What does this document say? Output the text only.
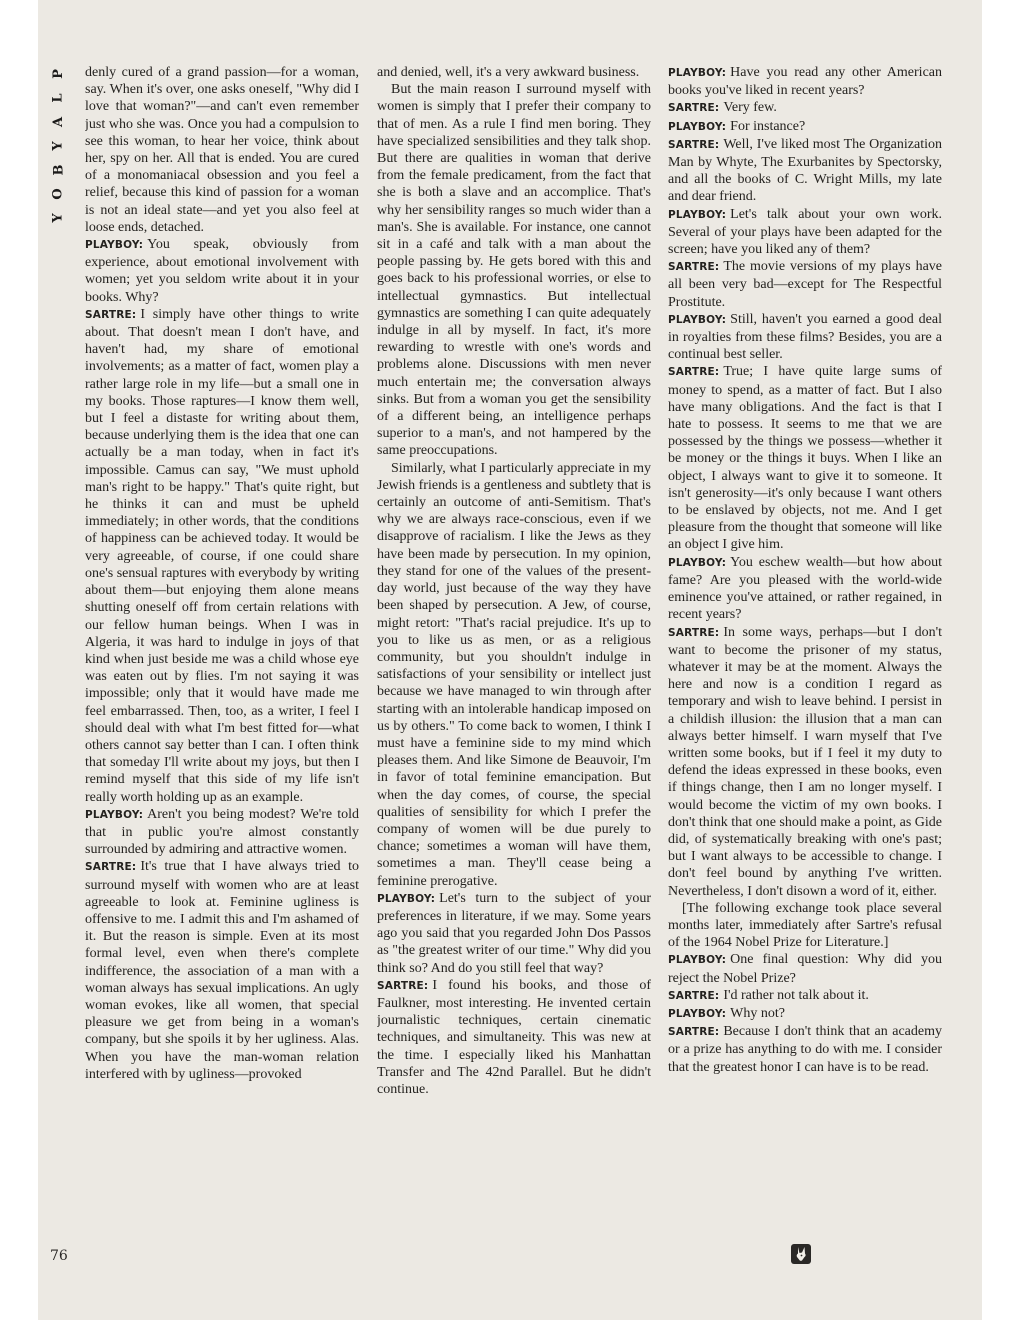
P
L
A
Y
B
O
Y

denly cured of a grand passion—for a woman, say. When it's over, one asks oneself, "Why did I love that woman?"—and can't even remember just who she was. Once you had a compulsion to see this woman, to hear her voice, think about her, spy on her. All that is ended. You are cured of a monomaniacal obsession and you feel a relief, because this kind of passion for a woman is not an ideal state—and yet you also feel at loose ends, detached.

PLAYBOY: You speak, obviously from experience, about emotional involvement with women; yet you seldom write about it in your books. Why?

SARTRE: I simply have other things to write about. That doesn't mean I don't have, and haven't had, my share of emotional involvements; as a matter of fact, women play a rather large role in my life—but a small one in my books. Those raptures—I know them well, but I feel a distaste for writing about them, because underlying them is the idea that one can actually be a man today, when in fact it's impossible. Camus can say, "We must uphold man's right to be happy." That's quite right, but he thinks it can and must be upheld immediately; in other words, that the conditions of happiness can be achieved today. It would be very agreeable, of course, if one could share one's sensual raptures with everybody by writing about them—but enjoying them alone means shutting oneself off from certain relations with our fellow human beings. When I was in Algeria, it was hard to indulge in joys of that kind when just beside me was a child whose eye was eaten out by flies. I'm not saying it was impossible; only that it would have made me feel embarrassed. Then, too, as a writer, I feel I should deal with what I'm best fitted for—what others cannot say better than I can. I often think that someday I'll write about my joys, but then I remind myself that this side of my life isn't really worth holding up as an example.

PLAYBOY: Aren't you being modest? We're told that in public you're almost constantly surrounded by admiring and attractive women.

SARTRE: It's true that I have always tried to surround myself with women who are at least agreeable to look at. Feminine ugliness is offensive to me. I admit this and I'm ashamed of it. But the reason is simple. Even at its most formal level, even when there's complete indifference, the association of a man with a woman always has sexual implications. An ugly woman evokes, like all women, that special pleasure we get from being in a woman's company, but she spoils it by her ugliness. Alas. When you have the man-woman relation interfered with by ugliness—provoked

and denied, well, it's a very awkward business.

But the main reason I surround myself with women is simply that I prefer their company to that of men. As a rule I find men boring. They have specialized sensibilities and they talk shop. But there are qualities in woman that derive from the female predicament, from the fact that she is both a slave and an accomplice. That's why her sensibility ranges so much wider than a man's. She is available. For instance, one cannot sit in a café and talk with a man about the people passing by. He gets bored with this and goes back to his professional worries, or else to intellectual gymnastics. But intellectual gymnastics are something I can quite adequately indulge in all by myself. In fact, it's more rewarding to wrestle with one's words and problems alone. Discussions with men never much entertain me; the conversation always sinks. But from a woman you get the sensibility of a different being, an intelligence perhaps superior to a man's, and not hampered by the same preoccupations.

Similarly, what I particularly appreciate in my Jewish friends is a gentleness and subtlety that is certainly an outcome of anti-Semitism. That's why we are always race-conscious, even if we disapprove of racialism. I like the Jews as they have been made by persecution. In my opinion, they stand for one of the values of the present-day world, just because of the way they have been shaped by persecution. A Jew, of course, might retort: "That's racial prejudice. It's up to you to like us as men, or as a religious community, but you shouldn't indulge in satisfactions of your sensibility or intellect just because we have managed to win through after starting with an intolerable handicap imposed on us by others." To come back to women, I think I must have a feminine side to my mind which pleases them. And like Simone de Beauvoir, I'm in favor of total feminine emancipation. But when the day comes, of course, the special qualities of sensibility for which I prefer the company of women will be due purely to chance; sometimes a woman will have them, sometimes a man. They'll cease being a feminine prerogative.

PLAYBOY: Let's turn to the subject of your preferences in literature, if we may. Some years ago you said that you regarded John Dos Passos as "the greatest writer of our time." Why did you think so? And do you still feel that way?

SARTRE: I found his books, and those of Faulkner, most interesting. He invented certain journalistic techniques, certain cinematic techniques, and simultaneity. This was new at the time. I especially liked his Manhattan Transfer and The 42nd Parallel. But he didn't continue.

PLAYBOY: Have you read any other American books you've liked in recent years?

SARTRE: Very few.

PLAYBOY: For instance?

SARTRE: Well, I've liked most The Organization Man by Whyte, The Exurbanites by Spectorsky, and all the books of C. Wright Mills, my late and dear friend.

PLAYBOY: Let's talk about your own work. Several of your plays have been adapted for the screen; have you liked any of them?

SARTRE: The movie versions of my plays have all been very bad—except for The Respectful Prostitute.

PLAYBOY: Still, haven't you earned a good deal in royalties from these films? Besides, you are a continual best seller.

SARTRE: True; I have quite large sums of money to spend, as a matter of fact. But I also have many obligations. And the fact is that I hate to possess. It seems to me that we are possessed by the things we possess—whether it be money or the things it buys. When I like an object, I always want to give it to someone. It isn't generosity—it's only because I want others to be enslaved by objects, not me. And I get pleasure from the thought that someone will like an object I give him.

PLAYBOY: You eschew wealth—but how about fame? Are you pleased with the world-wide eminence you've attained, or rather regained, in recent years?

SARTRE: In some ways, perhaps—but I don't want to become the prisoner of my status, whatever it may be at the moment. Always the here and now is a condition I regard as temporary and wish to leave behind. I persist in a childish illusion: the illusion that a man can always better himself. I warn myself that I've written some books, but if I feel it my duty to defend the ideas expressed in these books, even if things change, then I am no longer myself. I would become the victim of my own books. I don't think that one should make a point, as Gide did, of systematically breaking with one's past; but I want always to be accessible to change. I don't feel bound by anything I've written. Nevertheless, I don't disown a word of it, either.

[The following exchange took place several months later, immediately after Sartre's refusal of the 1964 Nobel Prize for Literature.]

PLAYBOY: One final question: Why did you reject the Nobel Prize?

SARTRE: I'd rather not talk about it.

PLAYBOY: Why not?

SARTRE: Because I don't think that an academy or a prize has anything to do with me. I consider that the greatest honor I can have is to be read.

76
